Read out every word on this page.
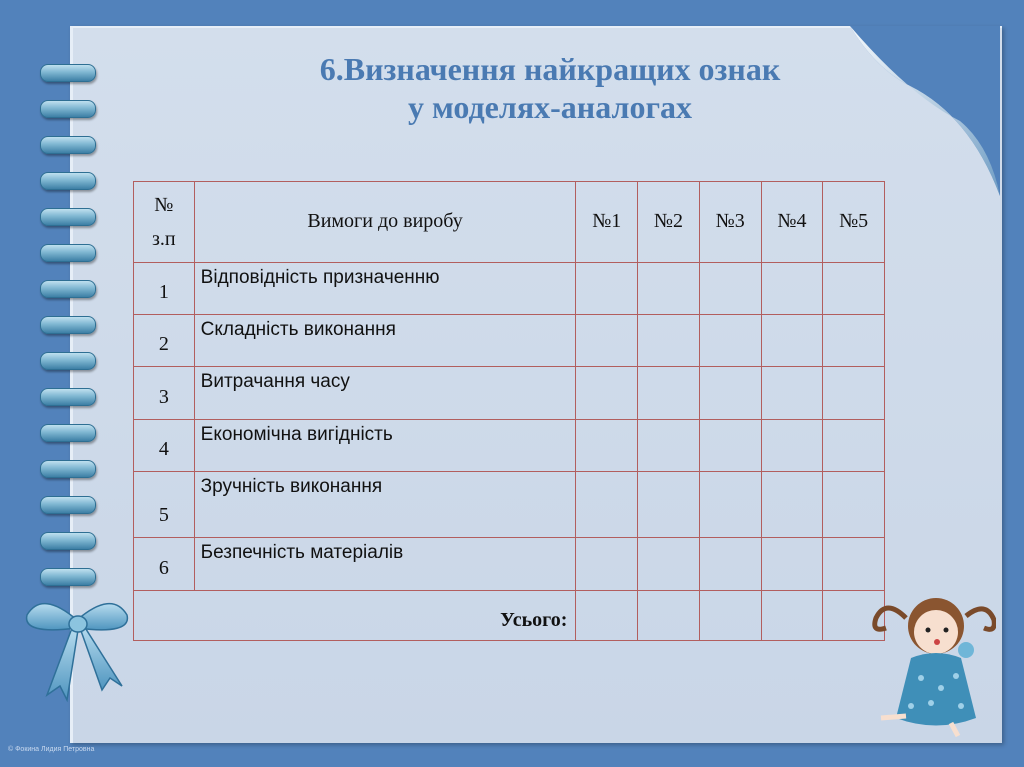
6.Визначення найкращих ознак
у моделях-аналогах
№
з.п	Вимоги до виробу	№1	№2	№3	№4	№5
1	Відповідність призначенню					
2	Складність виконання					
3	Витрачання часу					
4	Економічна вигідність					
5	Зручність виконання					
6	Безпечність матеріалів					
Усього:						
© Фокина Лидия Петровна
